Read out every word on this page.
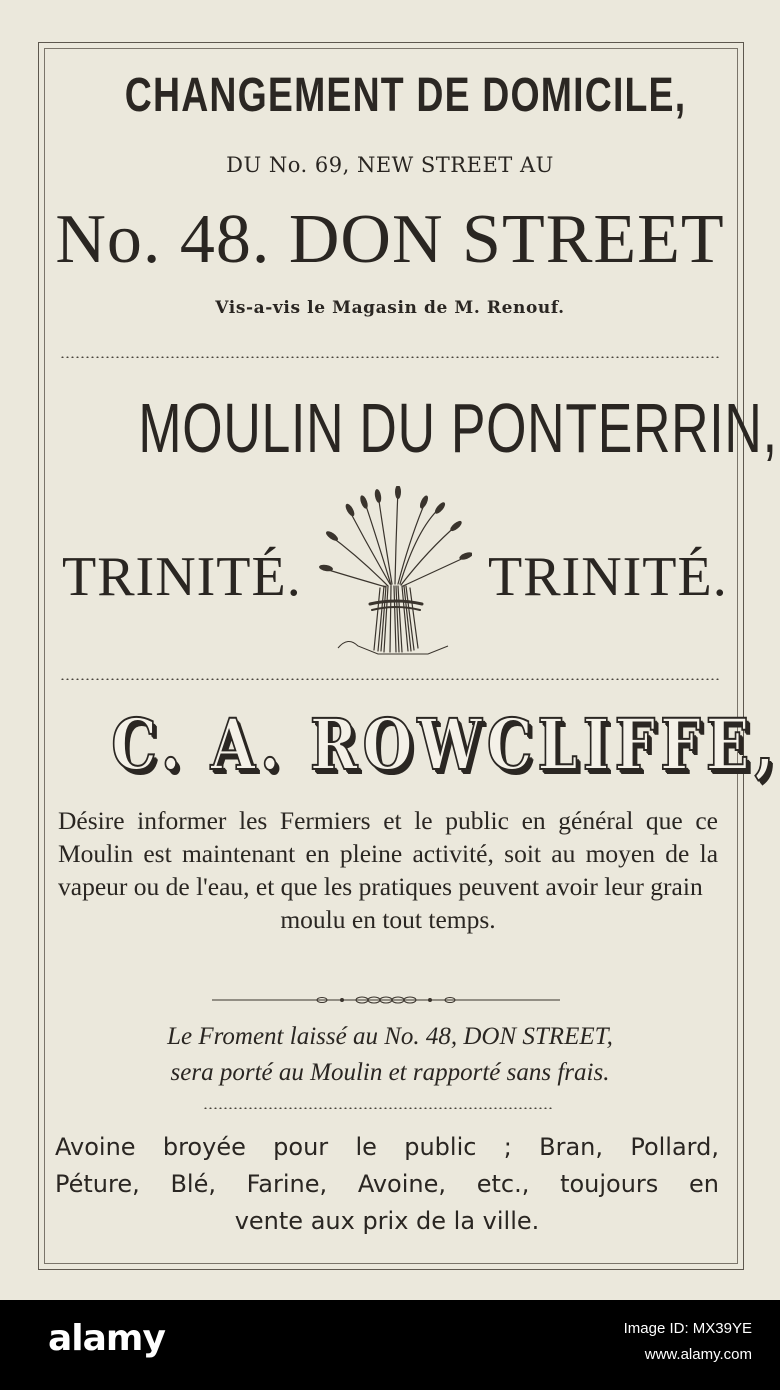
CHANGEMENT DE DOMICILE,
DU No. 69, NEW STREET AU
No. 48. DON STREET
Vis-a-vis le Magasin de M. Renouf.
MOULIN DU PONTERRIN,
TRINITÉ.	TRINITÉ.
C. A. ROWCLIFFE,
Désire informer les Fermiers et le public en général que ce Moulin est maintenant en pleine activité, soit au moyen de la vapeur ou de l'eau, et que les pratiques peuvent avoir leur grain
moulu en tout temps.
Le Froment laissé au No. 48, DON STREET,
sera porté au Moulin et rapporté sans frais.
Avoine broyée pour le public ; Bran, Pollard,
Péture, Blé, Farine, Avoine, etc., toujours en
vente aux prix de la ville.
alamy	Image ID: MX39YE
www.alamy.com
